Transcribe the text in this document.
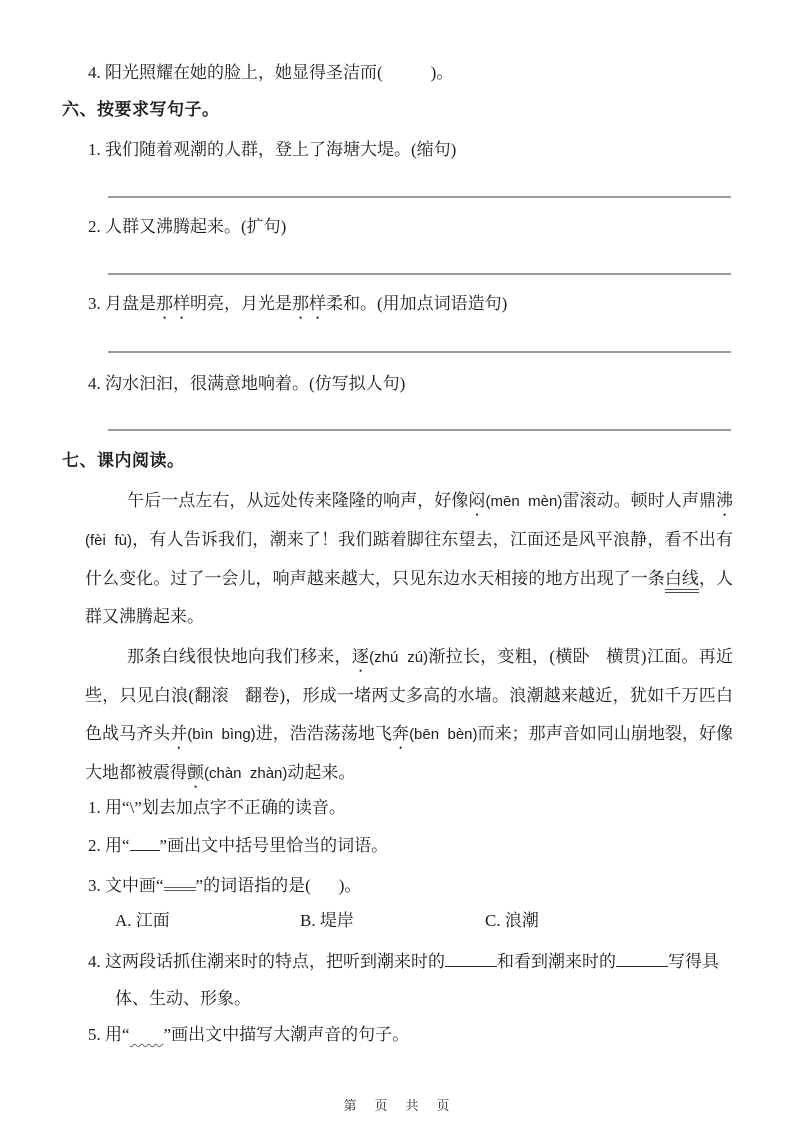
4. 阳光照耀在她的脸上，她显得圣洁而(	)。
六、按要求写句子。
1. 我们随着观潮的人群，登上了海塘大堤。(缩句)
2. 人群又沸腾起来。(扩句)
3. 月盘是那样明亮，月光是那样柔和。(用加点词语造句)
4. 沟水汩汩，很满意地响着。(仿写拟人句)
七、课内阅读。
午后一点左右，从远处传来隆隆的响声，好像闷(mēn  mèn)雷滚动。顿时人声鼎沸(fèi  fù)，有人告诉我们，潮来了！我们踮着脚往东望去，江面还是风平浪静，看不出有什么变化。过了一会儿，响声越来越大，只见东边水天相接的地方出现了一条白线，人群又沸腾起来。
那条白线很快地向我们移来，逐(zhú  zú)渐拉长，变粗，(横卧 横贯)江面。再近些，只见白浪(翻滚 翻卷)，形成一堵两丈多高的水墙。浪潮越来越近，犹如千万匹白色战马齐头并(bìn  bìng)进，浩浩荡荡地飞奔(bēn  bèn)而来；那声音如同山崩地裂，好像大地都被震得颤(chàn  zhàn)动起来。
1. 用“\”划去加点字不正确的读音。
2. 用“ ”画出文中括号里恰当的词语。
3. 文中画“ ”的词语指的是( )。
A. 江面	B. 堤岸	C. 浪潮
4. 这两段话抓住潮来时的特点，把听到潮来时的	和看到潮来时的	写得具体、生动、形象。
5. 用“ ”画出文中描写大潮声音的句子。
第 页 共 页
